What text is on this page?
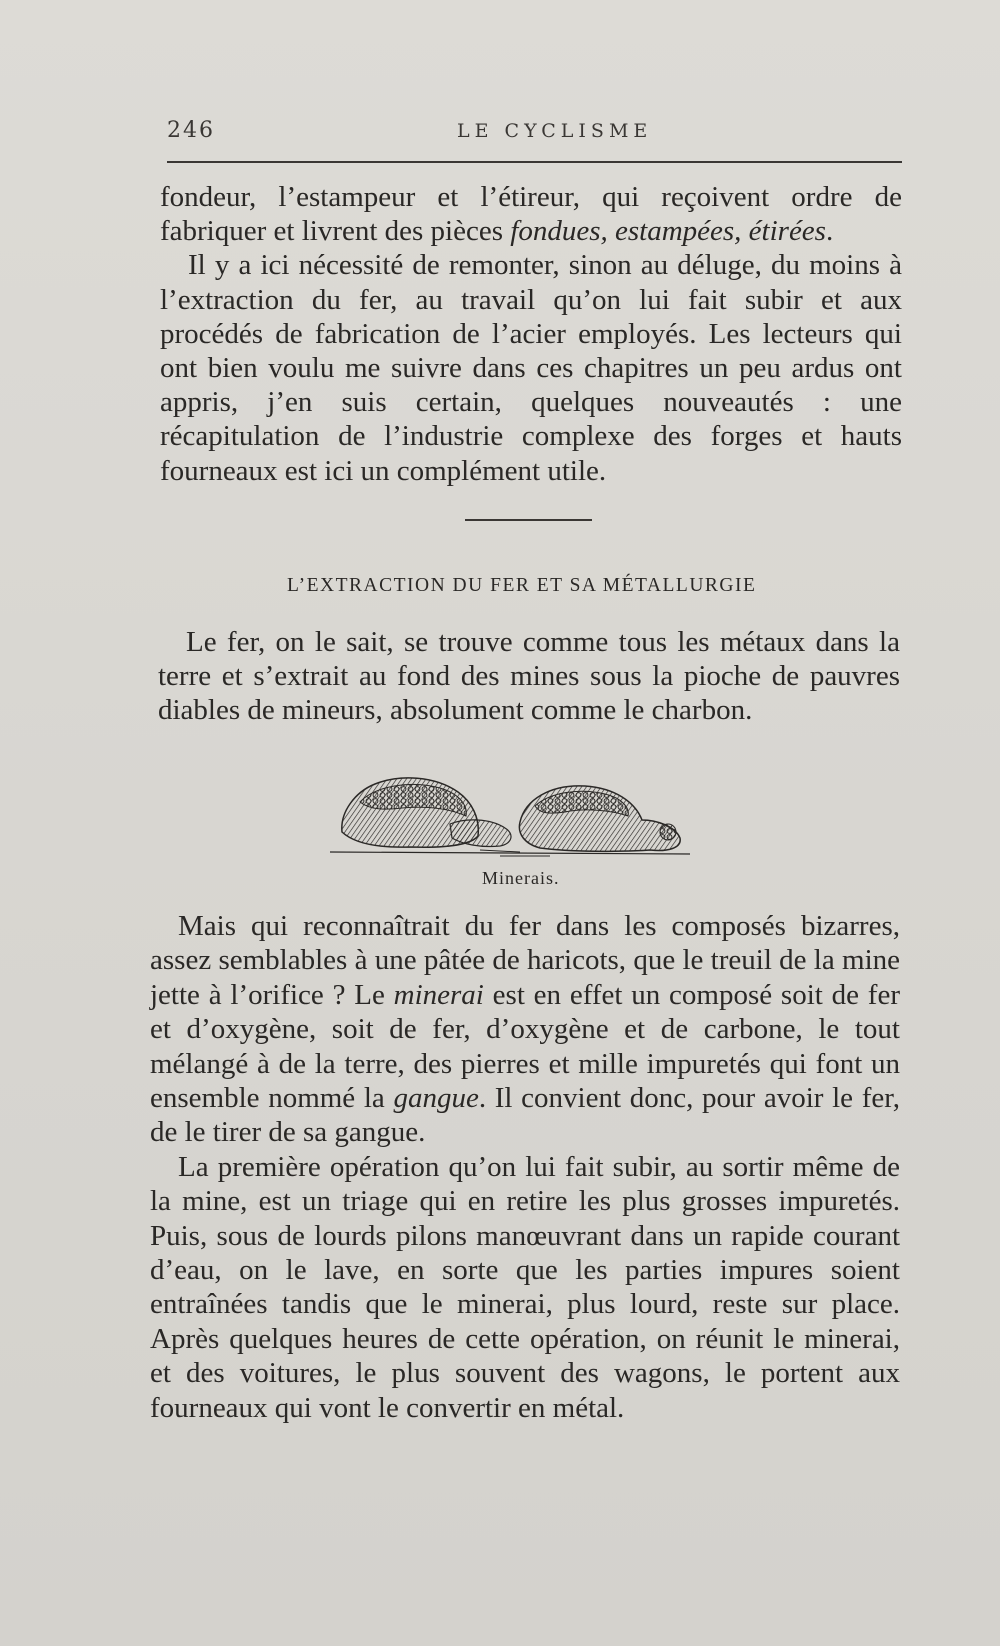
246	LE CYCLISME

fondeur, l’estampeur et l’étireur, qui reçoivent ordre de fabriquer et livrent des pièces fondues, estampées, étirées.

Il y a ici nécessité de remonter, sinon au déluge, du moins à l’extraction du fer, au travail qu’on lui fait subir et aux procédés de fabrication de l’acier employés. Les lecteurs qui ont bien voulu me suivre dans ces chapitres un peu ardus ont appris, j’en suis certain, quelques nouveautés : une récapitulation de l’industrie complexe des forges et hauts fourneaux est ici un complément utile.

L’EXTRACTION DU FER ET SA MÉTALLURGIE

Le fer, on le sait, se trouve comme tous les métaux dans la terre et s’extrait au fond des mines sous la pioche de pauvres diables de mineurs, absolument comme le charbon.

Minerais.

Mais qui reconnaîtrait du fer dans les composés bizarres, assez semblables à une pâtée de haricots, que le treuil de la mine jette à l’orifice ? Le minerai est en effet un composé soit de fer et d’oxygène, soit de fer, d’oxygène et de carbone, le tout mélangé à de la terre, des pierres et mille impuretés qui font un ensemble nommé la gangue. Il convient donc, pour avoir le fer, de le tirer de sa gangue.

La première opération qu’on lui fait subir, au sortir même de la mine, est un triage qui en retire les plus grosses impuretés. Puis, sous de lourds pilons manœuvrant dans un rapide courant d’eau, on le lave, en sorte que les parties impures soient entraînées tandis que le minerai, plus lourd, reste sur place. Après quelques heures de cette opération, on réunit le minerai, et des voitures, le plus souvent des wagons, le portent aux fourneaux qui vont le convertir en métal.
